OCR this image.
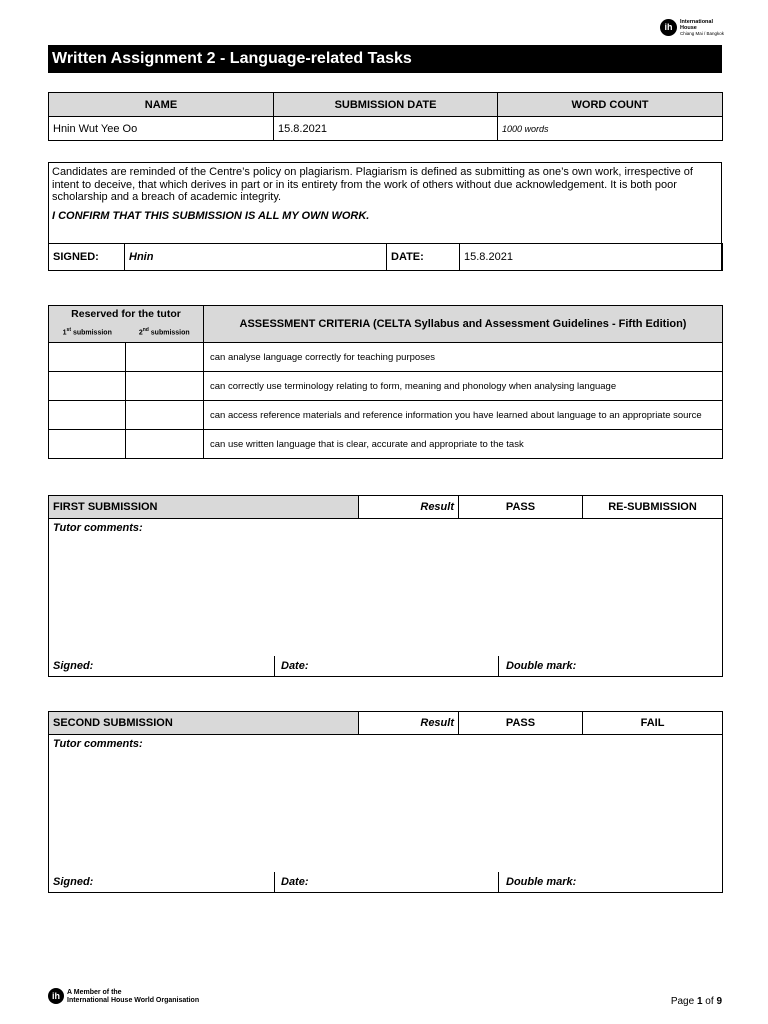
ih	International
House
Chiang Mai / Bangkok
Written Assignment 2 - Language-related Tasks
NAME	SUBMISSION DATE	WORD COUNT
Hnin Wut Yee Oo	15.8.2021	1000 words

Candidates are reminded of the Centre’s policy on plagiarism. Plagiarism is defined as submitting as one’s own work, irrespective of intent to deceive, that which derives in part or in its entirety from the work of others without due acknowledgement. It is both poor scholarship and a breach of academic integrity.

I CONFIRM THAT THIS SUBMISSION IS ALL MY OWN WORK.

SIGNED:	Hnin	DATE:	15.8.2021
Reserved for the tutor		ASSESSMENT CRITERIA (CELTA Syllabus and Assessment Guidelines - Fifth Edition)
1st submission	2nd submission	
		can analyse language correctly for teaching purposes
		can correctly use terminology relating to form, meaning and phonology when analysing language
		can access reference materials and reference information you have learned about language to an appropriate source
		can use written language that is clear, accurate and appropriate to the task
FIRST SUBMISSION	Result	PASS	RE-SUBMISSION

Tutor comments:
Signed:	Date:	Double mark:
SECOND SUBMISSION	Result	PASS	FAIL

Tutor comments:
Signed:	Date:	Double mark:
ih	A Member of the
International House World Organisation	Page 1 of 9
